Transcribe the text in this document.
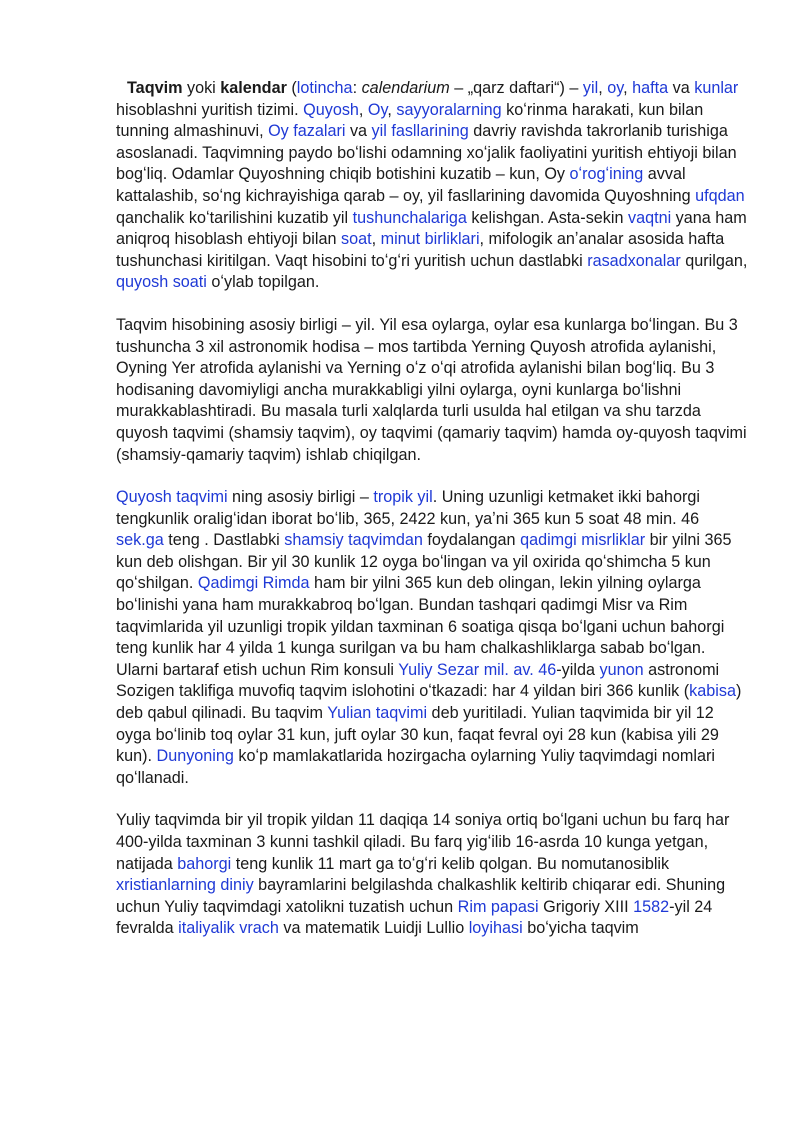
Taqvim yoki kalendar (lotincha: calendarium – „qarz daftari“) – yil, oy, hafta va kunlar hisoblashni yuritish tizimi. Quyosh, Oy, sayyoralarning koʻrinma harakati, kun bilan tunning almashinuvi, Oy fazalari va yil fasllarining davriy ravishda takrorlanib turishiga asoslanadi. Taqvimning paydo boʻlishi odamning xoʻjalik faoliyatini yuritish ehtiyoji bilan bogʻliq. Odamlar Quyoshning chiqib botishini kuzatib – kun, Oy oʻrogʻining avval kattalashib, soʻng kichrayishiga qarab – oy, yil fasllarining davomida Quyoshning ufqdan qanchalik koʻtarilishini kuzatib yil tushunchalariga kelishgan. Asta-sekin vaqtni yana ham aniqroq hisoblash ehtiyoji bilan soat, minut birliklari, mifologik anʼanalar asosida hafta tushunchasi kiritilgan. Vaqt hisobini toʻgʻri yuritish uchun dastlabki rasadxonalar qurilgan, quyosh soati oʻylab topilgan.

Taqvim hisobining asosiy birligi – yil. Yil esa oylarga, oylar esa kunlarga boʻlingan. Bu 3 tushuncha 3 xil astronomik hodisa – mos tartibda Yerning Quyosh atrofida aylanishi, Oyning Yer atrofida aylanishi va Yerning oʻz oʻqi atrofida aylanishi bilan bogʻliq. Bu 3 hodisaning davomiyligi ancha murakkabligi yilni oylarga, oyni kunlarga boʻlishni murakkablashtiradi. Bu masala turli xalqlarda turli usulda hal etilgan va shu tarzda quyosh taqvimi (shamsiy taqvim), oy taqvimi (qamariy taqvim) hamda oy-quyosh taqvimi (shamsiy-qamariy taqvim) ishlab chiqilgan.

Quyosh taqvimi ning asosiy birligi – tropik yil. Uning uzunligi ketmaket ikki bahorgi tengkunlik oraligʻidan iborat boʻlib, 365, 2422 kun, yaʼni 365 kun 5 soat 48 min. 46 sek.ga teng . Dastlabki shamsiy taqvimdan foydalangan qadimgi misrliklar bir yilni 365 kun deb olishgan. Bir yil 30 kunlik 12 oyga boʻlingan va yil oxirida qoʻshimcha 5 kun qoʻshilgan. Qadimgi Rimda ham bir yilni 365 kun deb olingan, lekin yilning oylarga boʻlinishi yana ham murakkabroq boʻlgan. Bundan tashqari qadimgi Misr va Rim taqvimlarida yil uzunligi tropik yildan taxminan 6 soatiga qisqa boʻlgani uchun bahorgi teng kunlik har 4 yilda 1 kunga surilgan va bu ham chalkashliklarga sabab boʻlgan. Ularni bartaraf etish uchun Rim konsuli Yuliy Sezar mil. av. 46-yilda yunon astronomi Sozigen taklifiga muvofiq taqvim islohotini oʻtkazadi: har 4 yildan biri 366 kunlik (kabisa) deb qabul qilinadi. Bu taqvim Yulian taqvimi deb yuritiladi. Yulian taqvimida bir yil 12 oyga boʻlinib toq oylar 31 kun, juft oylar 30 kun, faqat fevral oyi 28 kun (kabisa yili 29 kun). Dunyoning koʻp mamlakatlarida hozirgacha oylarning Yuliy taqvimdagi nomlari qoʻllanadi.

Yuliy taqvimda bir yil tropik yildan 11 daqiqa 14 soniya ortiq boʻlgani uchun bu farq har 400-yilda taxminan 3 kunni tashkil qiladi. Bu farq yigʻilib 16-asrda 10 kunga yetgan, natijada bahorgi teng kunlik 11 mart ga toʻgʻri kelib qolgan. Bu nomutanosiblik xristianlarning diniy bayramlarini belgilashda chalkashlik keltirib chiqarar edi. Shuning uchun Yuliy taqvimdagi xatolikni tuzatish uchun Rim papasi Grigoriy XIII 1582-yil 24 fevralda italiyalik vrach va matematik Luidji Lullio loyihasi boʻyicha taqvim
